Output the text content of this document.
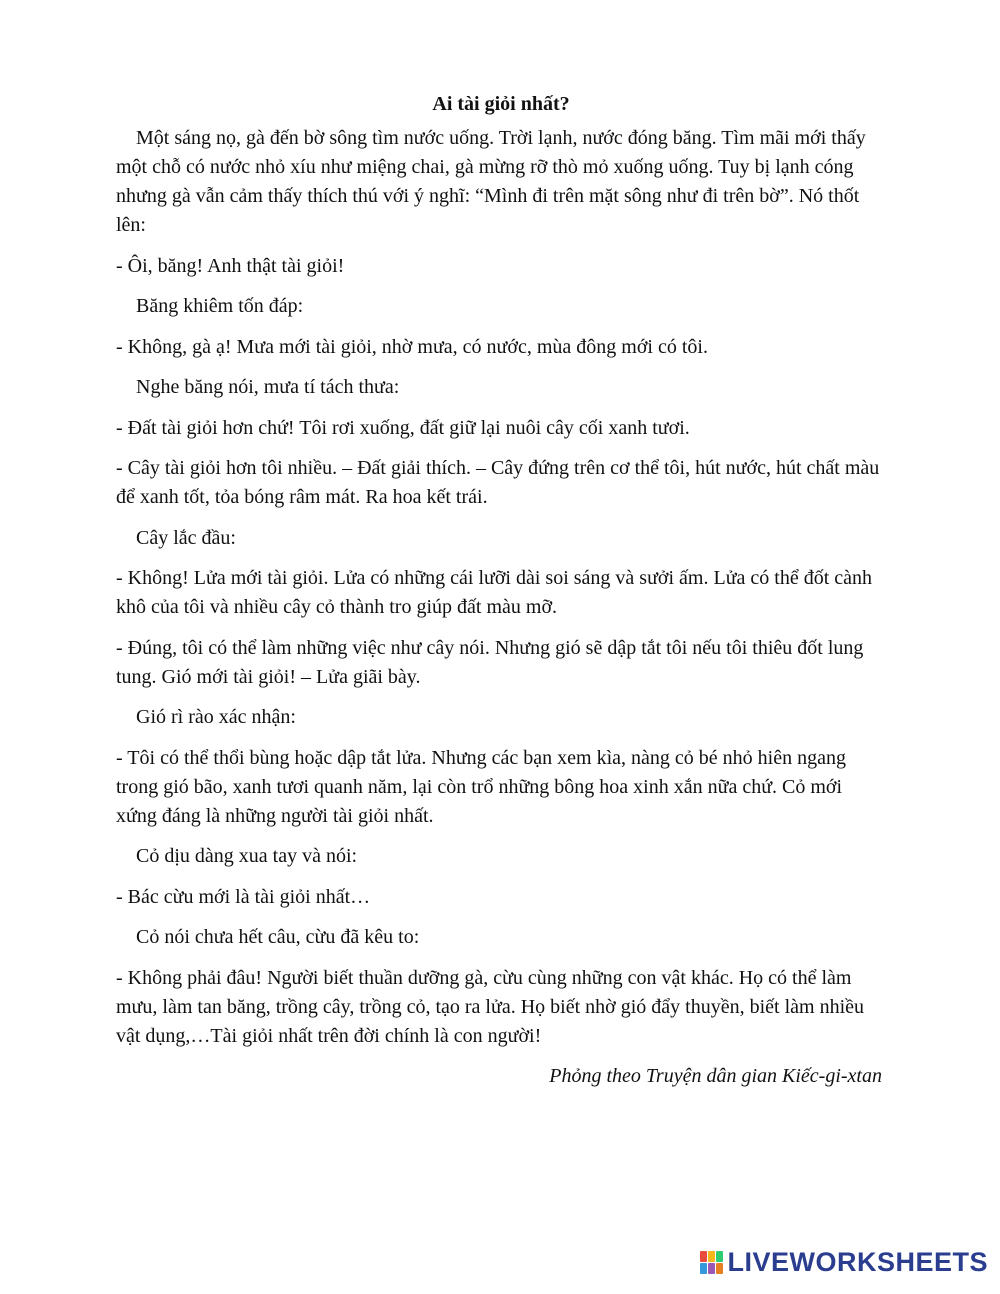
Ai tài giỏi nhất?

Một sáng nọ, gà đến bờ sông tìm nước uống. Trời lạnh, nước đóng băng. Tìm mãi mới thấy một chỗ có nước nhỏ xíu như miệng chai, gà mừng rỡ thò mỏ xuống uống. Tuy bị lạnh cóng nhưng gà vẫn cảm thấy thích thú với ý nghĩ: “Mình đi trên mặt sông như đi trên bờ”. Nó thốt lên:

- Ôi, băng! Anh thật tài giỏi!

Băng khiêm tốn đáp:

- Không, gà ạ! Mưa mới tài giỏi, nhờ mưa, có nước, mùa đông mới có tôi.

Nghe băng nói, mưa tí tách thưa:

- Đất tài giỏi hơn chứ! Tôi rơi xuống, đất giữ lại nuôi cây cối xanh tươi.

- Cây tài giỏi hơn tôi nhiều. – Đất giải thích. – Cây đứng trên cơ thể tôi, hút nước, hút chất màu để xanh tốt, tỏa bóng râm mát. Ra hoa kết trái.

Cây lắc đầu:

- Không! Lửa mới tài giỏi. Lửa có những cái lưỡi dài soi sáng và sưởi ấm. Lửa có thể đốt cành khô của tôi và nhiều cây cỏ thành tro giúp đất màu mỡ.

- Đúng, tôi có thể làm những việc như cây nói. Nhưng gió sẽ dập tắt tôi nếu tôi thiêu đốt lung tung. Gió mới tài giỏi! – Lửa giãi bày.

Gió rì rào xác nhận:

- Tôi có thể thổi bùng hoặc dập tắt lửa. Nhưng các bạn xem kìa, nàng cỏ bé nhỏ hiên ngang trong gió bão, xanh tươi quanh năm, lại còn trổ những bông hoa xinh xắn nữa chứ. Cỏ mới xứng đáng là những người tài giỏi nhất.

Cỏ dịu dàng xua tay và nói:

- Bác cừu mới là tài giỏi nhất…

Cỏ nói chưa hết câu, cừu đã kêu to:

- Không phải đâu! Người biết thuần dưỡng gà, cừu cùng những con vật khác. Họ có thể làm mưu, làm tan băng, trồng cây, trồng cỏ, tạo ra lửa. Họ biết nhờ gió đẩy thuyền, biết làm nhiều vật dụng,…Tài giỏi nhất trên đời chính là con người!

Phỏng theo Truyện dân gian Kiếc-gi-xtan
LIVEWORKSHEETS
